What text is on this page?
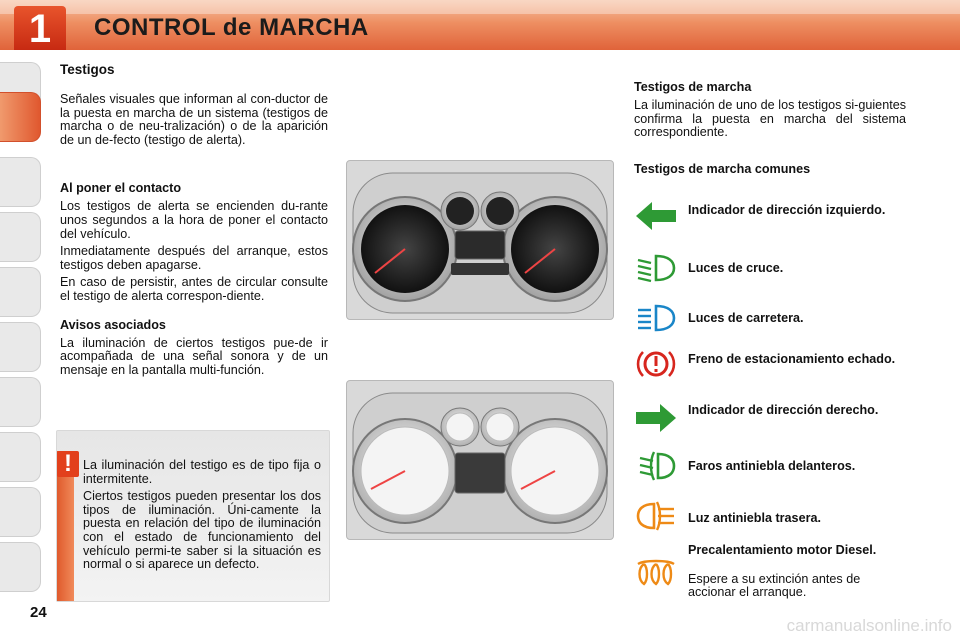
1	CONTROL de MARCHA
Testigos

Señales visuales que informan al con-ductor de la puesta en marcha de un sistema (testigos de marcha o de neu-tralización) o de la aparición de un de-fecto (testigo de alerta).

Al poner el contacto

Los testigos de alerta se encienden du-rante unos segundos a la hora de poner el contacto del vehículo.

Inmediatamente después del arranque, estos testigos deben apagarse.

En caso de persistir, antes de circular consulte el testigo de alerta correspon-diente.

Avisos asociados

La iluminación de ciertos testigos pue-de ir acompañada de una señal sonora y de un mensaje en la pantalla multi-función.

! La iluminación del testigo es de tipo fija o intermitente.

Ciertos testigos pueden presentar los dos tipos de iluminación. Úni-camente la puesta en relación del tipo de iluminación con el estado de funcionamiento del vehículo permi-te saber si la situación es normal o si aparece un defecto.

Testigos de marcha

La iluminación de uno de los testigos si-guientes confirma la puesta en marcha del sistema correspondiente.

Testigos de marcha comunes
Indicador de dirección izquierdo.
Luces de cruce.
Luces de carretera.
Freno de estacionamiento echado.
Indicador de dirección derecho.
Faros antiniebla delanteros.
Luz antiniebla trasera.
Precalentamiento motor Diesel.
Espere a su extinción antes de accionar el arranque.
24
carmanualsonline.info
